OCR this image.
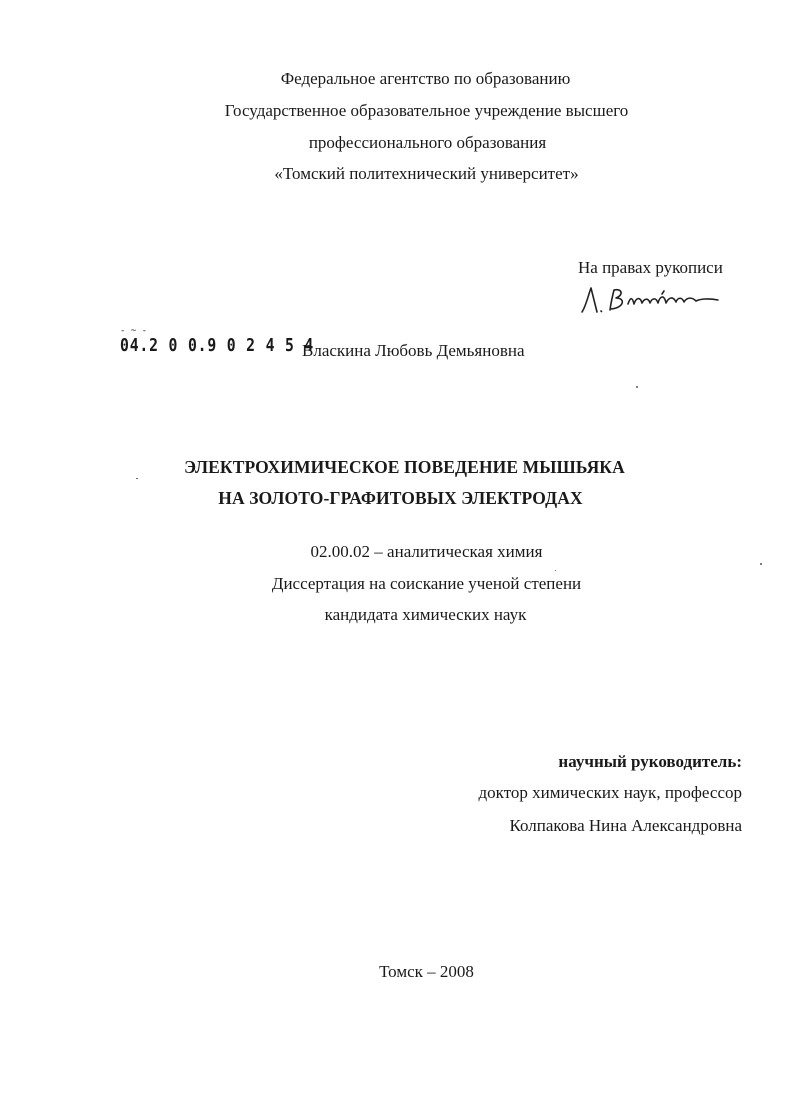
Федеральное агентство по образованию
Государственное образовательное учреждение высшего
профессионального образования
«Томский политехнический университет»
На правах рукописи
- ~ -
04.2 0 0.9 0 2 4 5 4
Власкина Любовь Демьяновна
ЭЛЕКТРОХИМИЧЕСКОЕ ПОВЕДЕНИЕ МЫШЬЯКА
НА ЗОЛОТО-ГРАФИТОВЫХ ЭЛЕКТРОДАХ
02.00.02 – аналитическая химия
Диссертация на соискание ученой степени
кандидата химических наук
научный руководитель:
доктор химических наук, профессор
Колпакова Нина Александровна
Томск – 2008
